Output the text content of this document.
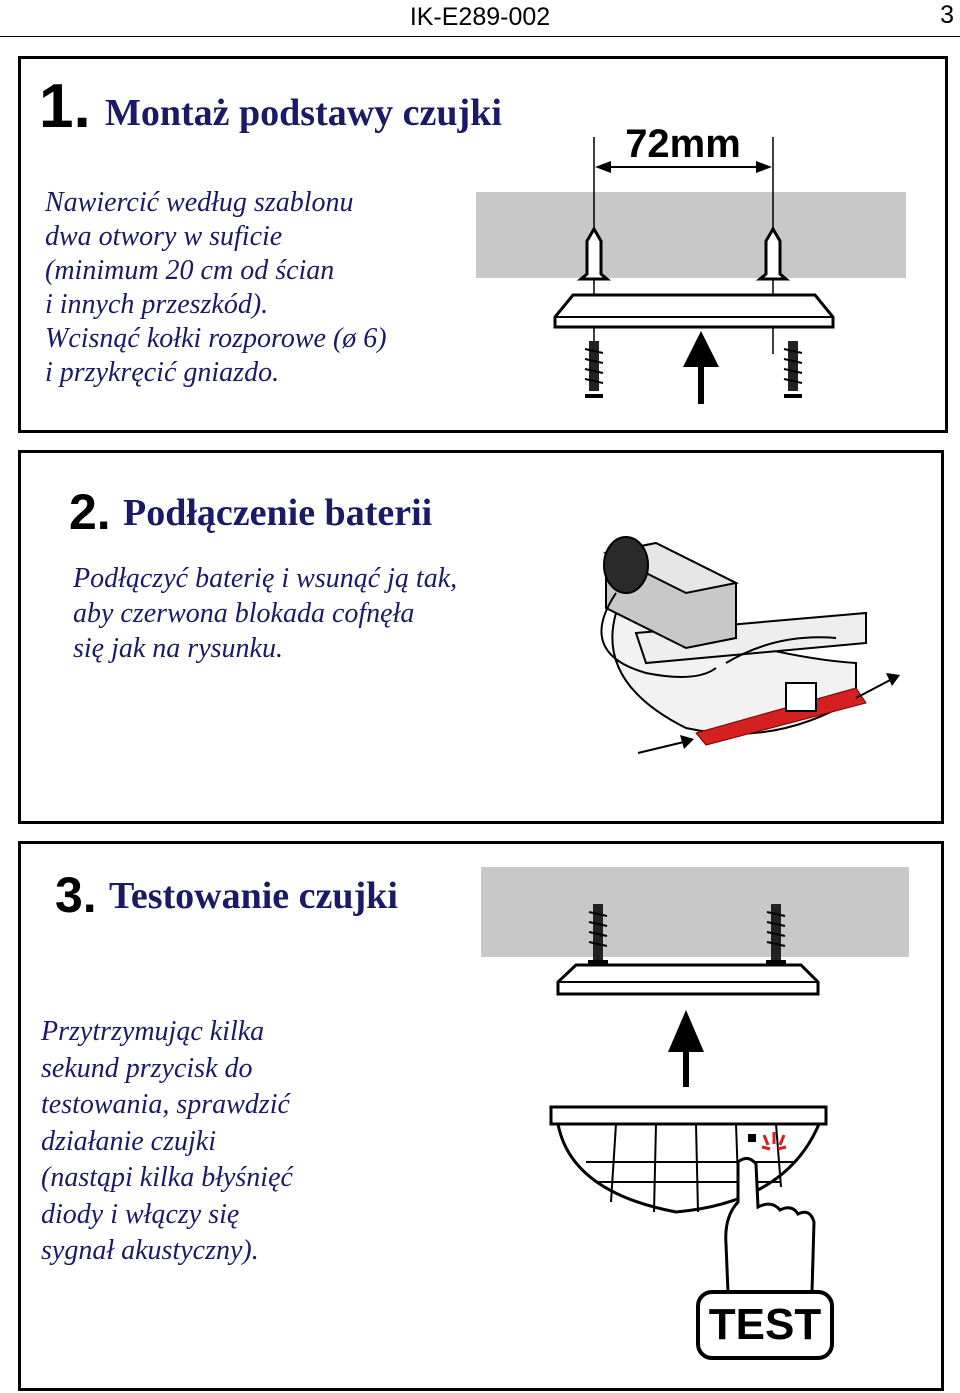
IK-E289-002	3
1. Montaż podstawy czujki
Nawiercić według szablonu
dwa otwory w suficie
(minimum 20 cm od ścian
i innych przeszkód).
Wcisnąć kołki rozporowe (ø 6)
i przykręcić gniazdo.
72mm
2. Podłączenie baterii
Podłączyć baterię i wsunąć ją tak,
aby czerwona blokada cofnęła
się jak na rysunku.
3. Testowanie czujki
Przytrzymując kilka
sekund przycisk do
testowania, sprawdzić
działanie czujki
(nastąpi kilka błyśnięć
diody i włączy się
sygnał akustyczny).
TEST
